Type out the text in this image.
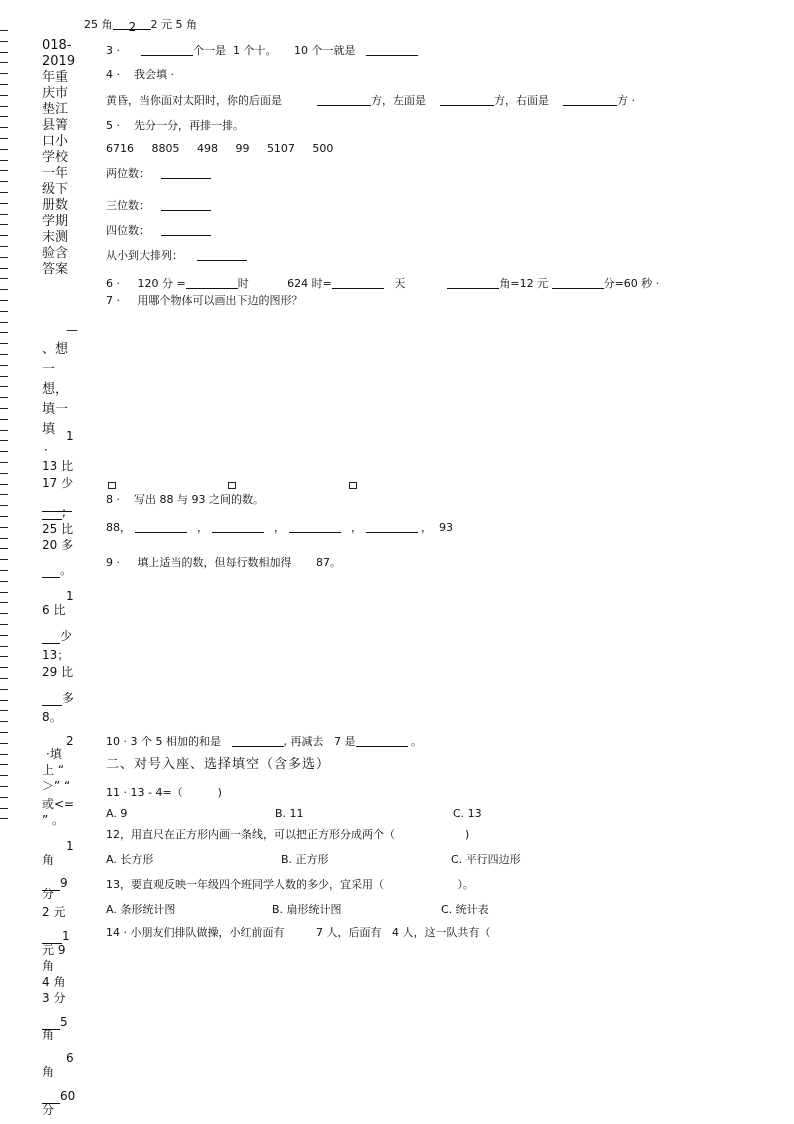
018-2019年重庆市垫江县箐口小学校一年级下册数学期末测验含答案
—
、想一想，填一填 1
·
13 比
17 少
;
25 比
20 多
。
1
6 比
少
13；
29 比
多
8。
2
·填
上 “
＞” “
或<=
” 。
1
角
9
分
2 元
1
元 9
角
4 角
3 分
5
角
6
角
60
分
25 角 2 2 元 5 角
3 ·	个一是 1 个十。 10 个一就是
4 · 我会填 ·
黄昏，当你面对太阳时，你的后面是	方，左面是	方，右面是	方 ·
5 · 先分一分，再排一排。
6716 8805 498 99 5107 500
两位数：
三位数：
四位数：
从小到大排列：
6 · 120 分 =	时	624 时=	天	角=12 元	分=60 秒 ·
7 · 用哪个物体可以画出下边的图形？
8 · 写出 88 与 93 之间的数。
88，	，	，	，	， 93
9 · 填上适当的数，但每行数相加得 87。
10 · 3 个 5 相加的和是	, 再减去 7 是	。
二、对号入座、选择填空（含多选）
11 · 13 - 4=（	)
A. 9	B. 11	C. 13
12，用直尺在正方形内画一条线，可以把正方形分成两个（	)
A. 长方形	B. 正方形	C. 平行四边形
13，要直观反映一年级四个班同学人数的多少，宜采用（	）。
A. 条形统计图	B. 扇形统计图	C. 统计表
14 · 小朋友们排队做操，小红前面有	7 人，后面有 4 人，这一队共有（
